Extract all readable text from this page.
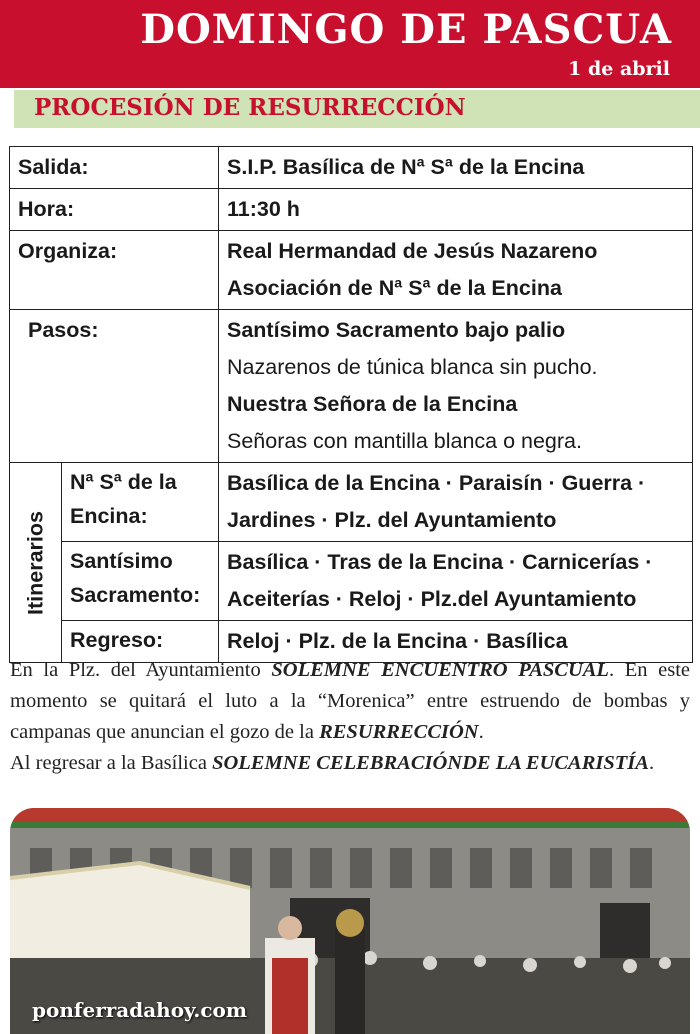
DOMINGO DE PASCUA
1 de abril
PROCESIÓN DE RESURRECCIÓN
Salida:		S.I.P. Basílica de Nª Sª de la Encina
Hora:		11:30 h
Organiza:		Real Hermandad de Jesús Nazareno
Asociación de Nª Sª de la Encina

Pasos:		Santísimo Sacramento bajo palio
Nazarenos de túnica blanca sin pucho.
Nuestra Señora de la Encina
Señoras con mantilla blanca o negra.

Itinerarios	Nª Sª de la
Encina:	Basílica de la Encina · Paraisín · Guerra ·
Jardines · Plz. del Ayuntamiento

	Santísimo
Sacramento:	Basílica · Tras de la Encina · Carnicerías ·
Aceiterías · Reloj · Plz.del Ayuntamiento

	Regreso:	Reloj · Plz. de la Encina · Basílica

En la Plz. del Ayuntamiento SOLEMNE ENCUENTRO PASCUAL. En este momento se quitará el luto a la “Morenica” entre estruendo de bombas y campanas que anuncian el gozo de la RESURRECCIÓN.

Al regresar a la Basílica SOLEMNE CELEBRACIÓNDE LA EUCARISTÍA.

ponferradahoy.com
